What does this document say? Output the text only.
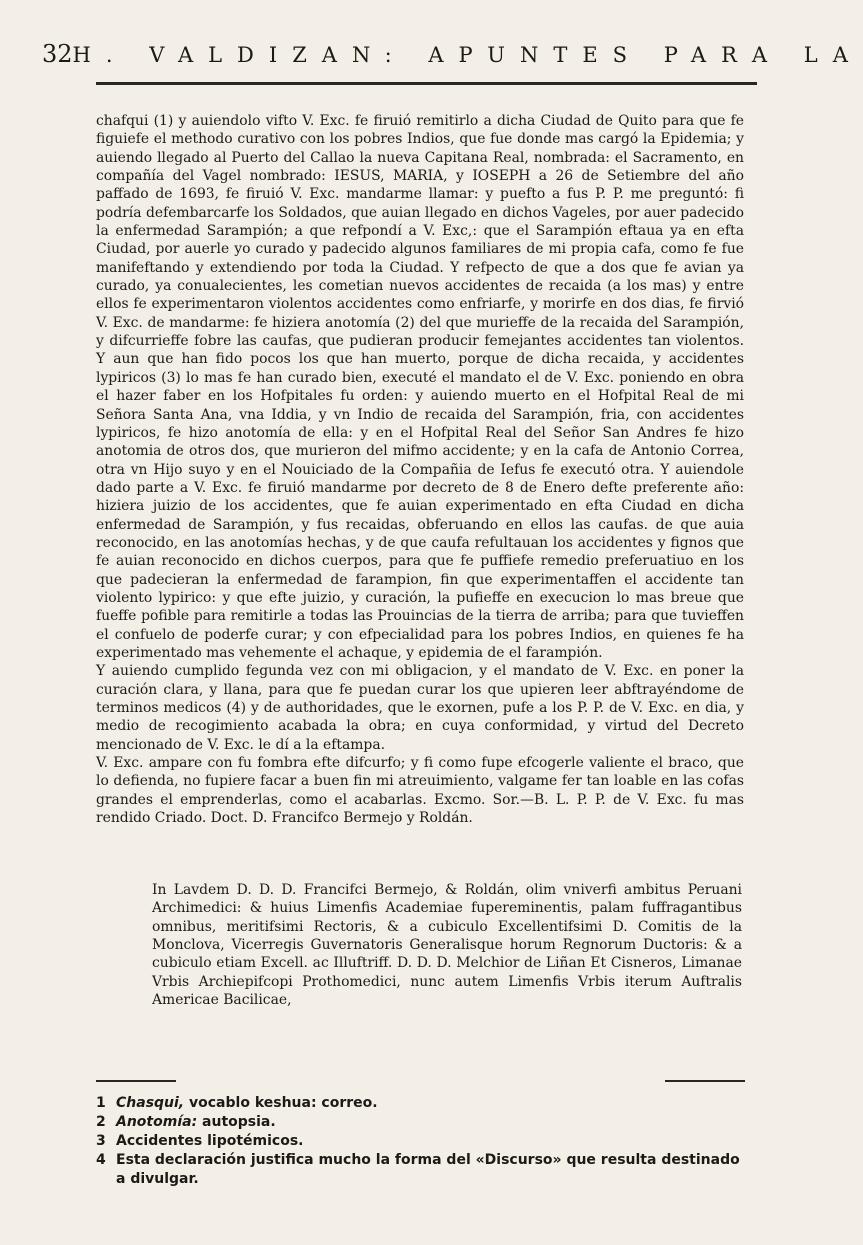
32 H. VALDIZAN: APUNTES PARA LA

chafqui (1) y auiendolo vifto V. Exc. fe firuió remitirlo a dicha Ciudad de Quito para que fe figuiefe el methodo curativo con los pobres Indios, que fue donde mas cargó la Epidemia; y auiendo llegado al Puerto del Callao la nueva Capitana Real, nombrada: el Sacramento, en compañía del Vagel nombrado: IESUS, MARIA, y IOSEPH a 26 de Setiembre del año paffado de 1693, fe firuió V. Exc. mandarme llamar: y puefto a fus P. P. me preguntó: fi podría defembarcarfe los Soldados, que auian llegado en dichos Vageles, por auer padecido la enfermedad Sarampión; a que refpondí a V. Exc,: que el Sarampión eftaua ya en efta Ciudad, por auerle yo curado y padecido algunos familiares de mi propia cafa, como fe fue manifeftando y extendiendo por toda la Ciudad. Y refpecto de que a dos que fe avian ya curado, ya conualecientes, les cometian nuevos accidentes de recaida (a los mas) y entre ellos fe experimentaron violentos accidentes como enfriarfe, y morirfe en dos dias, fe firvió V. Exc. de mandarme: fe hiziera anotomía (2) del que murieffe de la recaida del Sarampión, y difcurrieffe fobre las caufas, que pudieran producir femejantes accidentes tan violentos. Y aun que han fido pocos los que han muerto, porque de dicha recaida, y accidentes lypiricos (3) lo mas fe han curado bien, executé el mandato el de V. Exc. poniendo en obra el hazer faber en los Hofpitales fu orden: y auiendo muerto en el Hofpital Real de mi Señora Santa Ana, vna Iddia, y vn Indio de recaida del Sarampión, fria, con accidentes lypiricos, fe hizo anotomía de ella: y en el Hofpital Real del Señor San Andres fe hizo anotomia de otros dos, que murieron del mifmo accidente; y en la cafa de Antonio Correa, otra vn Hijo suyo y en el Nouiciado de la Compañia de Iefus fe executó otra. Y auiendole dado parte a V. Exc. fe firuió mandarme por decreto de 8 de Enero defte preferente año: hiziera juizio de los accidentes, que fe auian experimentado en efta Ciudad en dicha enfermedad de Sarampión, y fus recaidas, obferuando en ellos las caufas. de que auia reconocido, en las anotomías hechas, y de que caufa refultauan los accidentes y fignos que fe auian reconocido en dichos cuerpos, para que fe puffiefe remedio preferuatiuo en los que padecieran la enfermedad de farampion, fin que experimentaffen el accidente tan violento lypirico: y que efte juizio, y curación, la pufieffe en execucion lo mas breue que fueffe pofible para remitirle a todas las Prouincias de la tierra de arriba; para que tuvieffen el confuelo de poderfe curar; y con efpecialidad para los pobres Indios, en quienes fe ha experimentado mas vehemente el achaque, y epidemia de el farampión.

Y auiendo cumplido fegunda vez con mi obligacion, y el mandato de V. Exc. en poner la curación clara, y llana, para que fe puedan curar los que upieren leer abftrayéndome de terminos medicos (4) y de authoridades, que le exornen, pufe a los P. P. de V. Exc. en dia, y medio de recogimiento acabada la obra; en cuya conformidad, y virtud del Decreto mencionado de V. Exc. le dí a la eftampa.

V. Exc. ampare con fu fombra efte difcurfo; y fi como fupe efcogerle valiente el braco, que lo defienda, no fupiere facar a buen fin mi atreuimiento, valgame fer tan loable en las cofas grandes el emprenderlas, como el acabarlas. Excmo. Sor.—B. L. P. P. de V. Exc. fu mas rendido Criado. Doct. D. Francifco Bermejo y Roldán.

In Lavdem D. D. D. Francifci Bermejo, & Roldán, olim vniverfi ambitus Peruani Archimedici: & huius Limenfis Academiae fupereminentis, palam fuffragantibus omnibus, meritifsimi Rectoris, & a cubiculo Excellentifsimi D. Comitis de la Monclova, Vicerregis Guvernatoris Generalisque horum Regnorum Ductoris: & a cubiculo etiam Excell. ac Illuftriff. D. D. D. Melchior de Liñan Et Cisneros, Limanae Vrbis Archiepifcopi Prothomedici, nunc autem Limenfis Vrbis iterum Auftralis Americae Bacilicae,

1 Chasqui, vocablo keshua: correo.
2 Anotomía: autopsia.
3 Accidentes lipotémicos.
4 Esta declaración justifica mucho la forma del «Discurso» que resulta destinado a divulgar.
